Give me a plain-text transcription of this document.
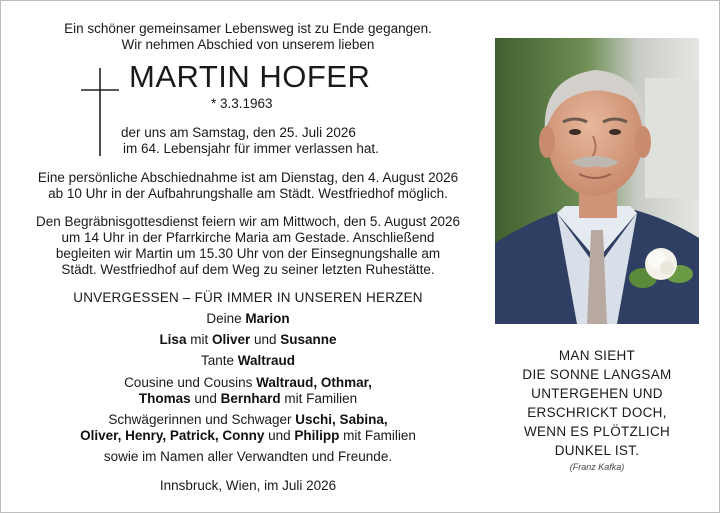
Ein schöner gemeinsamer Lebensweg ist zu Ende gegangen.
Wir nehmen Abschied von unserem lieben
MARTIN HOFER
* 3.3.1963
der uns am Samstag, den 25. Juli 2026
im 64. Lebensjahr für immer verlassen hat.
Eine persönliche Abschiednahme ist am Dienstag, den 4. August 2026
ab 10 Uhr in der Aufbahrungshalle am Städt. Westfriedhof möglich.
Den Begräbnisgottesdienst feiern wir am Mittwoch, den 5. August 2026
um 14 Uhr in der Pfarrkirche Maria am Gestade. Anschließend
begleiten wir Martin um 15.30 Uhr von der Einsegnungshalle am
Städt. Westfriedhof auf dem Weg zu seiner letzten Ruhestätte.
UNVERGESSEN – FÜR IMMER IN UNSEREN HERZEN
Deine Marion
Lisa mit Oliver und Susanne
Tante Waltraud
Cousine und Cousins Waltraud, Othmar,
Thomas und Bernhard mit Familien
Schwägerinnen und Schwager Uschi, Sabina,
Oliver, Henry, Patrick, Conny und Philipp mit Familien
sowie im Namen aller Verwandten und Freunde.
Innsbruck, Wien, im Juli 2026
MAN SIEHT
DIE SONNE LANGSAM
UNTERGEHEN UND
ERSCHRICKT DOCH,
WENN ES PLÖTZLICH
DUNKEL IST.
(Franz Kafka)
